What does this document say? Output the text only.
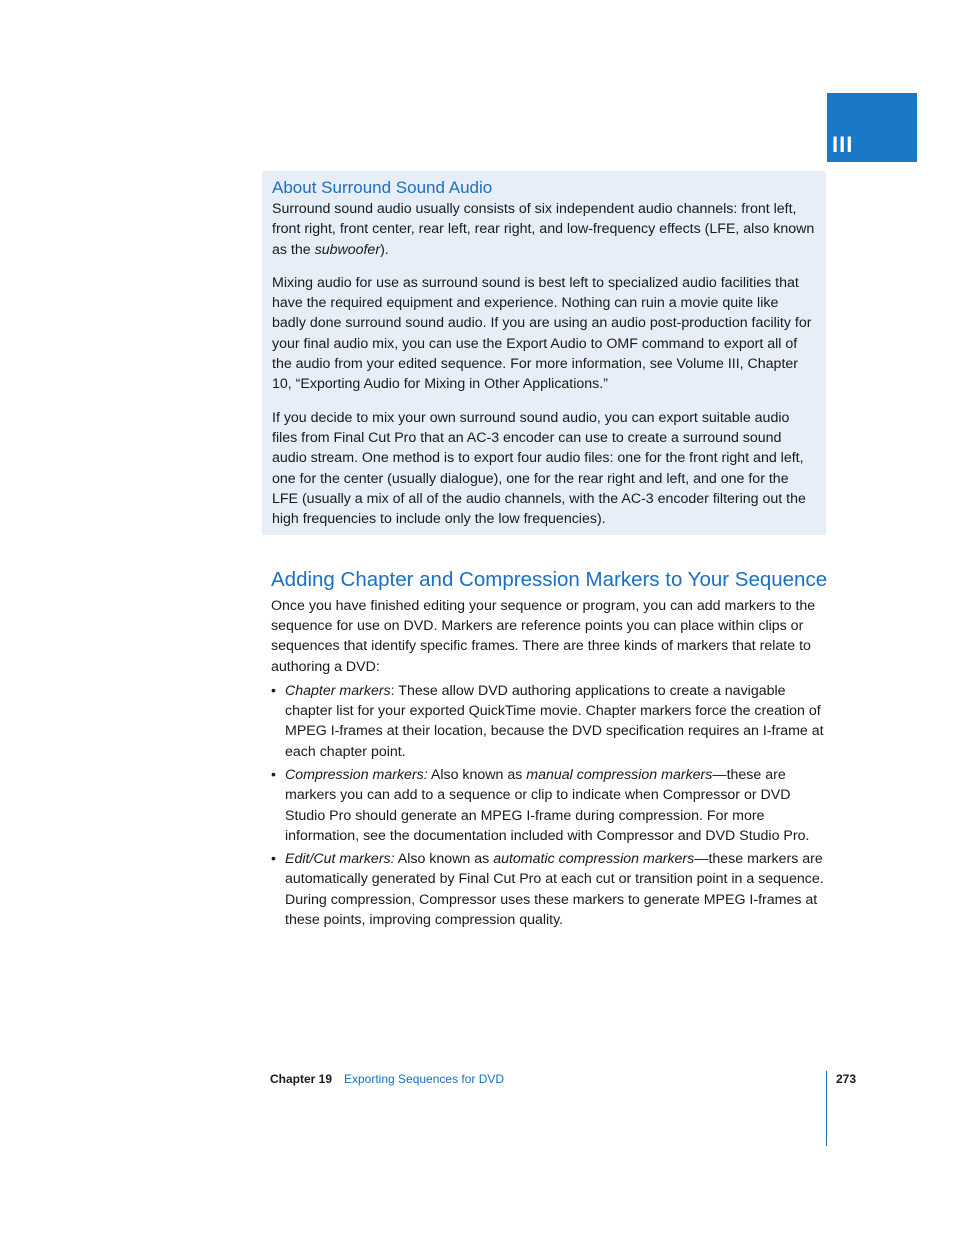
III
About Surround Sound Audio

Surround sound audio usually consists of six independent audio channels: front left, front right, front center, rear left, rear right, and low-frequency effects (LFE, also known as the subwoofer).

Mixing audio for use as surround sound is best left to specialized audio facilities that have the required equipment and experience. Nothing can ruin a movie quite like badly done surround sound audio. If you are using an audio post-production facility for your final audio mix, you can use the Export Audio to OMF command to export all of the audio from your edited sequence. For more information, see Volume III, Chapter 10, “Exporting Audio for Mixing in Other Applications.”

If you decide to mix your own surround sound audio, you can export suitable audio files from Final Cut Pro that an AC-3 encoder can use to create a surround sound audio stream. One method is to export four audio files: one for the front right and left, one for the center (usually dialogue), one for the rear right and left, and one for the LFE (usually a mix of all of the audio channels, with the AC-3 encoder filtering out the high frequencies to include only the low frequencies).

Adding Chapter and Compression Markers to Your Sequence

Once you have finished editing your sequence or program, you can add markers to the sequence for use on DVD. Markers are reference points you can place within clips or sequences that identify specific frames. There are three kinds of markers that relate to authoring a DVD:

• Chapter markers: These allow DVD authoring applications to create a navigable chapter list for your exported QuickTime movie. Chapter markers force the creation of MPEG I-frames at their location, because the DVD specification requires an I-frame at each chapter point.
• Compression markers: Also known as manual compression markers—these are markers you can add to a sequence or clip to indicate when Compressor or DVD Studio Pro should generate an MPEG I-frame during compression. For more information, see the documentation included with Compressor and DVD Studio Pro.
• Edit/Cut markers: Also known as automatic compression markers—these markers are automatically generated by Final Cut Pro at each cut or transition point in a sequence. During compression, Compressor uses these markers to generate MPEG I-frames at these points, improving compression quality.
Chapter 19 Exporting Sequences for DVD	273
